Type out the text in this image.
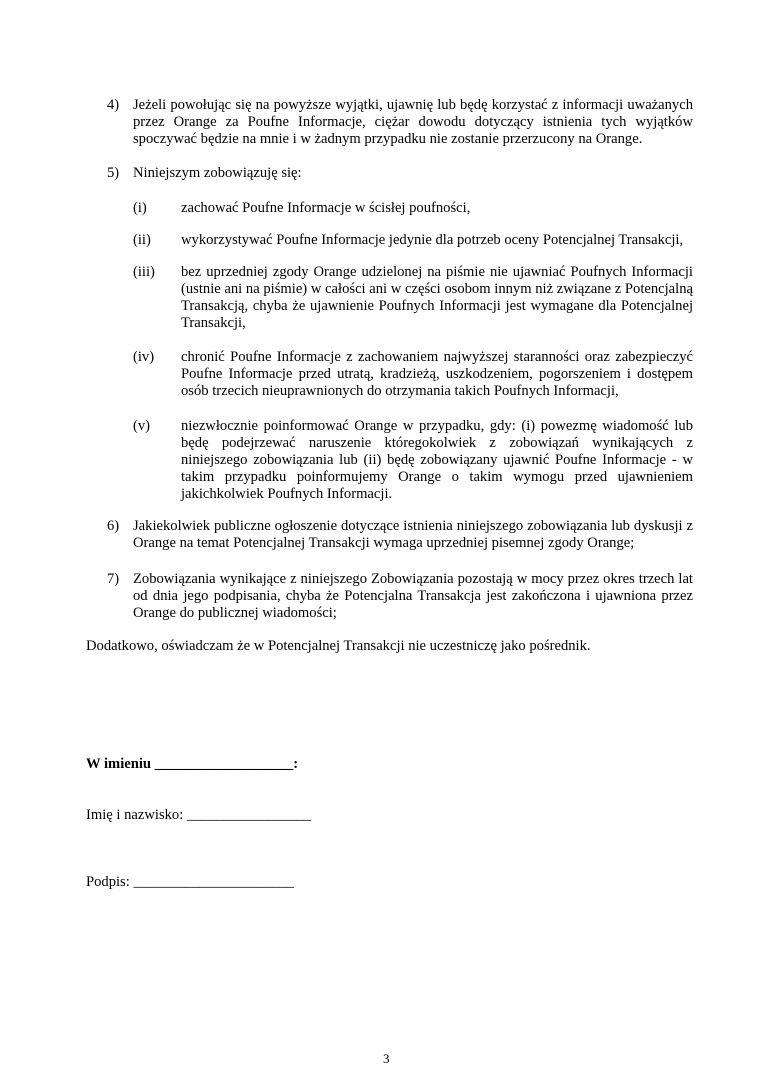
4) Jeżeli powołując się na powyższe wyjątki, ujawnię lub będę korzystać z informacji uważanych przez Orange za Poufne Informacje, ciężar dowodu dotyczący istnienia tych wyjątków spoczywać będzie na mnie i w żadnym przypadku nie zostanie przerzucony na Orange.
5) Niniejszym zobowiązuję się:
(i)	zachować Poufne Informacje w ścisłej poufności,
(ii)	wykorzystywać Poufne Informacje jedynie dla potrzeb oceny Potencjalnej Transakcji,
(iii)	bez uprzedniej zgody Orange udzielonej na piśmie nie ujawniać Poufnych Informacji (ustnie ani na piśmie) w całości ani w części osobom innym niż związane z Potencjalną Transakcją, chyba że ujawnienie Poufnych Informacji jest wymagane dla Potencjalnej Transakcji,
(iv)	chronić Poufne Informacje z zachowaniem najwyższej staranności oraz zabezpieczyć Poufne Informacje przed utratą, kradzieżą, uszkodzeniem, pogorszeniem i dostępem osób trzecich nieuprawnionych do otrzymania takich Poufnych Informacji,
(v)	niezwłocznie poinformować Orange w przypadku, gdy: (i) powezmę wiadomość lub będę podejrzewać naruszenie któregokolwiek z zobowiązań wynikających z niniejszego zobowiązania lub (ii) będę zobowiązany ujawnić Poufne Informacje - w takim przypadku poinformujemy Orange o takim wymogu przed ujawnieniem jakichkolwiek Poufnych Informacji.
6) Jakiekolwiek publiczne ogłoszenie dotyczące istnienia niniejszego zobowiązania lub dyskusji z Orange na temat Potencjalnej Transakcji wymaga uprzedniej pisemnej zgody Orange;
7) Zobowiązania wynikające z niniejszego Zobowiązania pozostają w mocy przez okres trzech lat od dnia jego podpisania, chyba że Potencjalna Transakcja jest zakończona i ujawniona przez Orange do publicznej wiadomości;
Dodatkowo, oświadczam że w Potencjalnej Transakcji nie uczestniczę jako pośrednik.
W imieniu ___________________:
Imię i nazwisko: _________________
Podpis: ______________________
3
